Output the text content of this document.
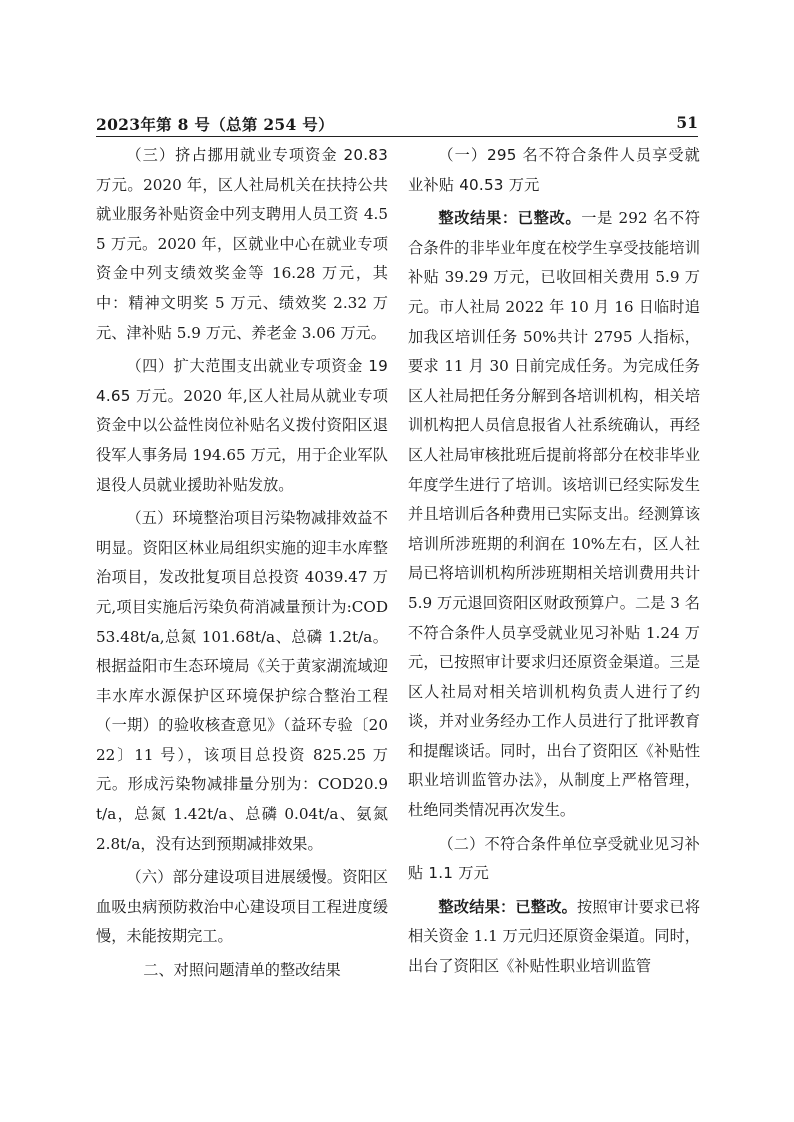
2023年第 8 号（总第 254 号）	51

（三）挤占挪用就业专项资金 20.83 万元。2020 年，区人社局机关在扶持公共就业服务补贴资金中列支聘用人员工资 4.55 万元。2020 年，区就业中心在就业专项资金中列支绩效奖金等 16.28 万元，其中：精神文明奖 5 万元、绩效奖 2.32 万元、津补贴 5.9 万元、养老金 3.06 万元。

（四）扩大范围支出就业专项资金 194.65 万元。2020 年,区人社局从就业专项资金中以公益性岗位补贴名义拨付资阳区退役军人事务局 194.65 万元，用于企业军队退役人员就业援助补贴发放。

（五）环境整治项目污染物减排效益不明显。资阳区林业局组织实施的迎丰水库整治项目，发改批复项目总投资 4039.47 万元,项目实施后污染负荷消减量预计为:COD53.48t/a,总氮 101.68t/a、总磷 1.2t/a。根据益阳市生态环境局《关于黄家湖流域迎丰水库水源保护区环境保护综合整治工程（一期）的验收核查意见》（益环专验〔2022〕11 号），该项目总投资 825.25 万元。形成污染物减排量分别为：COD20.9t/a，总氮 1.42t/a、总磷 0.04t/a、氨氮 2.8t/a，没有达到预期减排效果。

（六）部分建设项目进展缓慢。资阳区血吸虫病预防救治中心建设项目工程进度缓慢，未能按期完工。

二、对照问题清单的整改结果

（一）295 名不符合条件人员享受就业补贴 40.53 万元

整改结果：已整改。一是 292 名不符合条件的非毕业年度在校学生享受技能培训补贴 39.29 万元，已收回相关费用 5.9 万元。市人社局 2022 年 10 月 16 日临时追加我区培训任务 50%共计 2795 人指标，要求 11 月 30 日前完成任务。为完成任务区人社局把任务分解到各培训机构，相关培训机构把人员信息报省人社系统确认，再经区人社局审核批班后提前将部分在校非毕业年度学生进行了培训。该培训已经实际发生并且培训后各种费用已实际支出。经测算该培训所涉班期的利润在 10%左右，区人社局已将培训机构所涉班期相关培训费用共计 5.9 万元退回资阳区财政预算户。二是 3 名不符合条件人员享受就业见习补贴 1.24 万元，已按照审计要求归还原资金渠道。三是区人社局对相关培训机构负责人进行了约谈，并对业务经办工作人员进行了批评教育和提醒谈话。同时，出台了资阳区《补贴性职业培训监管办法》，从制度上严格管理，杜绝同类情况再次发生。

（二）不符合条件单位享受就业见习补贴 1.1 万元

整改结果：已整改。按照审计要求已将相关资金 1.1 万元归还原资金渠道。同时，出台了资阳区《补贴性职业培训监管
